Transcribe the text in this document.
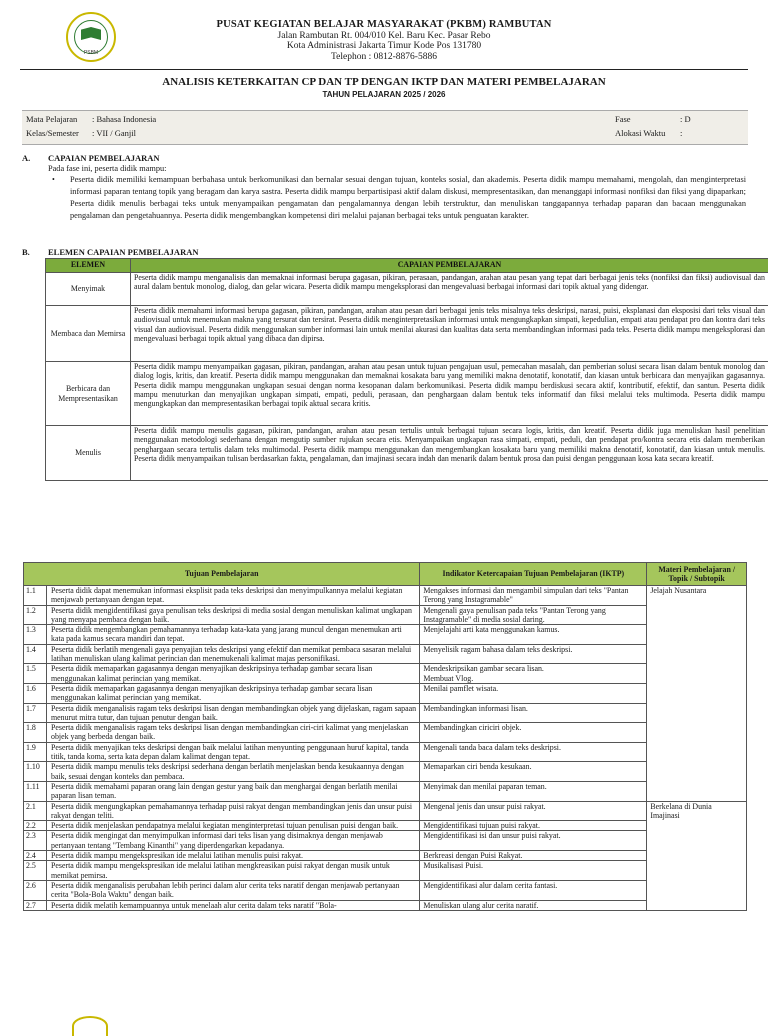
PSBM
PUSAT KEGIATAN BELAJAR MASYARAKAT (PKBM) RAMBUTAN
Jalan Rambutan Rt. 004/010 Kel. Baru Kec. Pasar Rebo
Kota Administrasi Jakarta Timur Kode Pos 131780
Telephon : 0812-8876-5886
ANALISIS KETERKAITAN CP DAN TP DENGAN IKTP DAN MATERI PEMBELAJARAN
TAHUN PELAJARAN 2025 / 2026
Mata Pelajaran : Bahasa Indonesia
Kelas/Semester : VII / Ganjil
Fase	: D
Alokasi Waktu :
A. CAPAIAN PEMBELAJARAN
Pada fase ini, peserta didik mampu:
• Peserta didik memiliki kemampuan berbahasa untuk berkomunikasi dan bernalar sesuai dengan tujuan, konteks sosial, dan akademis. Peserta didik mampu memahami, mengolah, dan menginterpretasi informasi paparan tentang topik yang beragam dan karya sastra. Peserta didik mampu berpartisipasi aktif dalam diskusi, mempresentasikan, dan menanggapi informasi nonfiksi dan fiksi yang dipaparkan; Peserta didik menulis berbagai teks untuk menyampaikan pengamatan dan pengalamannya dengan lebih terstruktur, dan menuliskan tanggapannya terhadap paparan dan bacaan menggunakan pengalaman dan pengetahuannya. Peserta didik mengembangkan kompetensi diri melalui pajanan berbagai teks untuk penguatan karakter.
B. ELEMEN CAPAIAN PEMBELAJARAN
ELEMEN	CAPAIAN PEMBELAJARAN
Menyimak	Peserta didik mampu menganalisis dan memaknai informasi berupa gagasan, pikiran, perasaan, pandangan, arahan atau pesan yang tepat dari berbagai jenis teks (nonfiksi dan fiksi) audiovisual dan aural dalam bentuk monolog, dialog, dan gelar wicara. Peserta didik mampu mengeksplorasi dan mengevaluasi berbagai informasi dari topik aktual yang didengar.
Membaca dan Memirsa	Peserta didik memahami informasi berupa gagasan, pikiran, pandangan, arahan atau pesan dari berbagai jenis teks misalnya teks deskripsi, narasi, puisi, eksplanasi dan eksposisi dari teks visual dan audiovisual untuk menemukan makna yang tersurat dan tersirat. Peserta didik menginterpretasikan informasi untuk mengungkapkan simpati, kepedulian, empati atau pendapat pro dan kontra dari teks visual dan audiovisual. Peserta didik menggunakan sumber informasi lain untuk menilai akurasi dan kualitas data serta membandingkan informasi pada teks. Peserta didik mampu mengeksplorasi dan mengevaluasi berbagai topik aktual yang dibaca dan dipirsa.
Berbicara dan Mempresentasikan	Peserta didik mampu menyampaikan gagasan, pikiran, pandangan, arahan atau pesan untuk tujuan pengajuan usul, pemecahan masalah, dan pemberian solusi secara lisan dalam bentuk monolog dan dialog logis, kritis, dan kreatif. Peserta didik mampu menggunakan dan memaknai kosakata baru yang memiliki makna denotatif, konotatif, dan kiasan untuk berbicara dan menyajikan gagasannya. Peserta didik mampu menggunakan ungkapan sesuai dengan norma kesopanan dalam berkomunikasi. Peserta didik mampu berdiskusi secara aktif, kontributif, efektif, dan santun. Peserta didik mampu menuturkan dan menyajikan ungkapan simpati, empati, peduli, perasaan, dan penghargaan dalam bentuk teks informatif dan fiksi melalui teks multimoda. Peserta didik mampu mengungkapkan dan mempresentasikan berbagai topik aktual secara kritis.
Menulis	Peserta didik mampu menulis gagasan, pikiran, pandangan, arahan atau pesan tertulis untuk berbagai tujuan secara logis, kritis, dan kreatif. Peserta didik juga menuliskan hasil penelitian menggunakan metodologi sederhana dengan mengutip sumber rujukan secara etis. Menyampaikan ungkapan rasa simpati, empati, peduli, dan pendapat pro/kontra secara etis dalam memberikan penghargaan secara tertulis dalam teks multimodal. Peserta didik mampu menggunakan dan mengembangkan kosakata baru yang memiliki makna denotatif, konotatif, dan kiasan untuk menulis. Peserta didik menyampaikan tulisan berdasarkan fakta, pengalaman, dan imajinasi secara indah dan menarik dalam bentuk prosa dan puisi dengan penggunaan kosa kata secara kreatif.
Tujuan Pembelajaran		Indikator Ketercapaian Tujuan Pembelajaran (IKTP)	Materi Pembelajaran / Topik / Subtopik
1.1	Peserta didik dapat menemukan informasi eksplisit pada teks deskripsi dan menyimpulkannya melalui kegiatan menjawab pertanyaan dengan tepat.	Mengakses informasi dan mengambil simpulan dari teks "Pantan Terong yang Instagramable"	Jelajah Nusantara
1.2	Peserta didik mengidentifikasi gaya penulisan teks deskripsi di media sosial dengan menuliskan kalimat ungkapan yang menyapa pembaca dengan baik.	Mengenali gaya penulisan pada teks "Pantan Terong yang Instagramable" di media sosial daring.	
1.3	Peserta didik mengembangkan pemahamannya terhadap kata-kata yang jarang muncul dengan menemukan arti kata pada kamus secara mandiri dan tepat.	Menjelajahi arti kata menggunakan kamus.	
1.4	Peserta didik berlatih mengenali gaya penyajian teks deskripsi yang efektif dan memikat pembaca sasaran melalui latihan menuliskan ulang kalimat perincian dan menemukenali kalimat majas personifikasi.	Menyelisik ragam bahasa dalam teks deskripsi.	
1.5	Peserta didik memaparkan gagasannya dengan menyajikan deskripsinya terhadap gambar secara lisan menggunakan kalimat perincian yang memikat.	Mendeskripsikan gambar secara lisan.
Membuat Vlog.	
1.6	Peserta didik memaparkan gagasannya dengan menyajikan deskripsinya terhadap gambar secara lisan menggunakan kalimat perincian yang memikat.	Menilai pamflet wisata.	
1.7	Peserta didik menganalisis ragam teks deskripsi lisan dengan membandingkan objek yang dijelaskan, ragam sapaan menurut mitra tutur, dan tujuan penutur dengan baik.	Membandingkan informasi lisan.	
1.8	Peserta didik menganalisis ragam teks deskripsi lisan dengan membandingkan ciri-ciri kalimat yang menjelaskan objek yang berbeda dengan baik.	Membandingkan ciriciri objek.	
1.9	Peserta didik menyajikan teks deskripsi dengan baik melalui latihan menyunting penggunaan huruf kapital, tanda titik, tanda koma, serta kata depan dalam kalimat dengan tepat.	Mengenali tanda baca dalam teks deskripsi.	
1.10	Peserta didik mampu menulis teks deskripsi sederhana dengan berlatih menjelaskan benda kesukaannya dengan baik, sesuai dengan konteks dan pembaca.	Memaparkan ciri benda kesukaan.	
1.11	Peserta didik memahami paparan orang lain dengan gestur yang baik dan menghargai dengan berlatih menilai paparan lisan teman.	Menyimak dan menilai paparan teman.	
2.1	Peserta didik mengungkapkan pemahamannya terhadap puisi rakyat dengan membandingkan jenis dan unsur puisi rakyat dengan teliti.	Mengenal jenis dan unsur puisi rakyat.	Berkelana di Dunia Imajinasi
2.2	Peserta didik menjelaskan pendapatnya melalui kegiatan menginterpretasi tujuan penulisan puisi dengan baik.	Mengidentifikasi tujuan puisi rakyat.	
2.3	Peserta didik mengingat dan menyimpulkan informasi dari teks lisan yang disimaknya dengan menjawab pertanyaan tentang "Tembang Kinanthi" yang diperdengarkan kepadanya.	Mengidentifikasi isi dan unsur puisi rakyat.	
2.4	Peserta didik mampu mengekspresikan ide melalui latihan menulis puisi rakyat.	Berkreasi dengan Puisi Rakyat.	
2.5	Peserta didik mampu mengekspresikan ide melalui latihan mengkreasikan puisi rakyat dengan musik untuk memikat pemirsa.	Musikalisasi Puisi.	
2.6	Peserta didik menganalisis perubahan lebih perinci dalam alur cerita teks naratif dengan menjawab pertanyaan cerita "Bola-Bola Waktu" dengan baik.	Mengidentifikasi alur dalam cerita fantasi.	
2.7	Peserta didik melatih kemampuannya untuk menelaah alur cerita dalam teks naratif "Bola-	Menuliskan ulang alur cerita naratif.	
